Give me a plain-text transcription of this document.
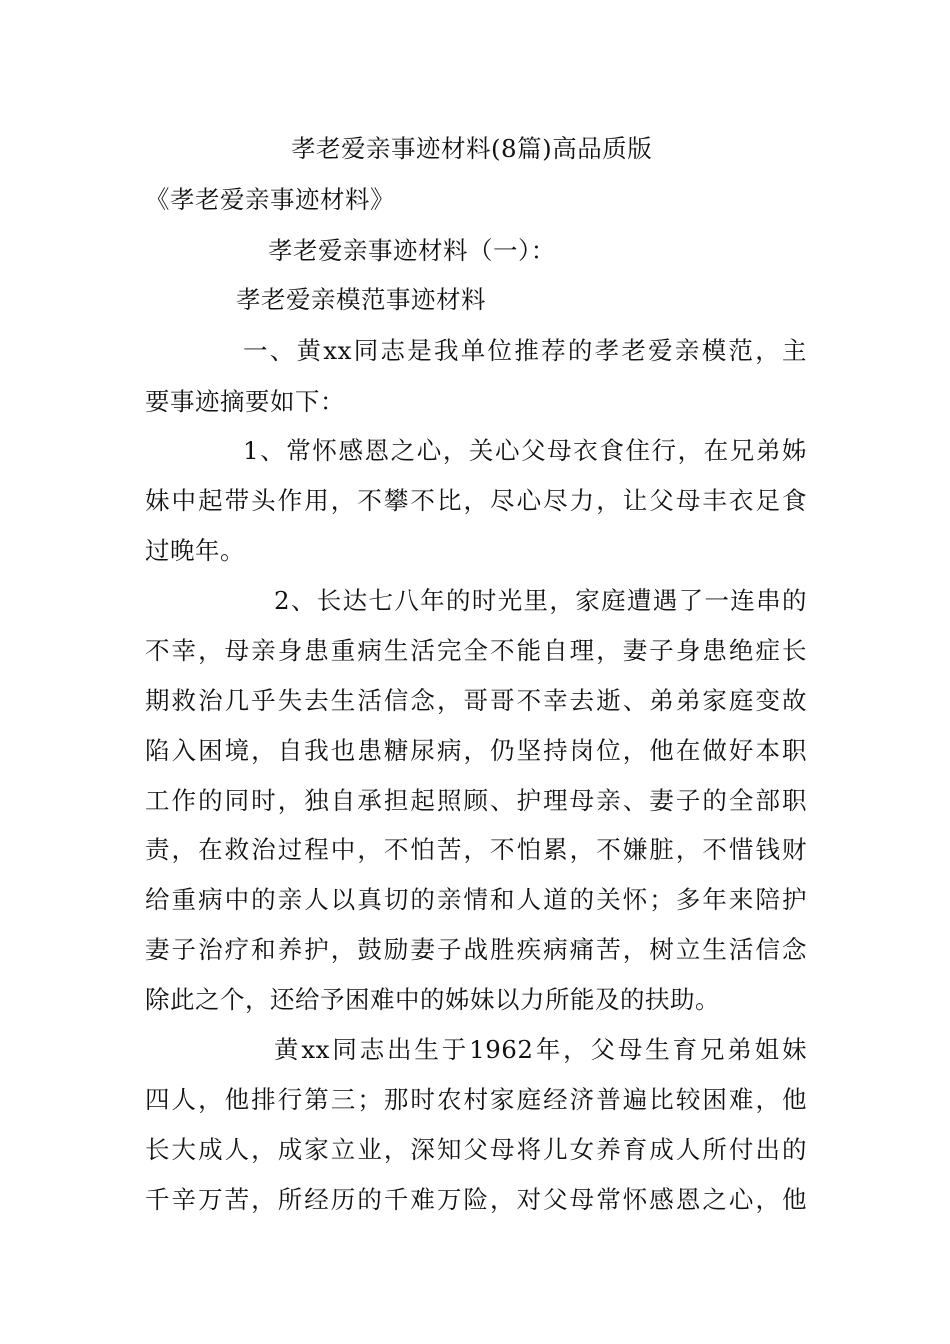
孝老爱亲事迹材料(8篇)高品质版
《孝老爱亲事迹材料》
孝老爱亲事迹材料（一）：
孝老爱亲模范事迹材料
一、黄xx同志是我单位推荐的孝老爱亲模范，主
要事迹摘要如下：
1、常怀感恩之心，关心父母衣食住行，在兄弟姊
妹中起带头作用，不攀不比，尽心尽力，让父母丰衣足食
过晚年。
2、长达七八年的时光里，家庭遭遇了一连串的
不幸，母亲身患重病生活完全不能自理，妻子身患绝症长
期救治几乎失去生活信念，哥哥不幸去逝、弟弟家庭变故
陷入困境，自我也患糖尿病，仍坚持岗位，他在做好本职
工作的同时，独自承担起照顾、护理母亲、妻子的全部职
责，在救治过程中，不怕苦，不怕累，不嫌脏，不惜钱财
给重病中的亲人以真切的亲情和人道的关怀；多年来陪护
妻子治疗和养护，鼓励妻子战胜疾病痛苦，树立生活信念
除此之个，还给予困难中的姊妹以力所能及的扶助。
黄xx同志出生于1962年，父母生育兄弟姐妹
四人，他排行第三；那时农村家庭经济普遍比较困难，他
长大成人，成家立业，深知父母将儿女养育成人所付出的
千辛万苦，所经历的千难万险，对父母常怀感恩之心，他
